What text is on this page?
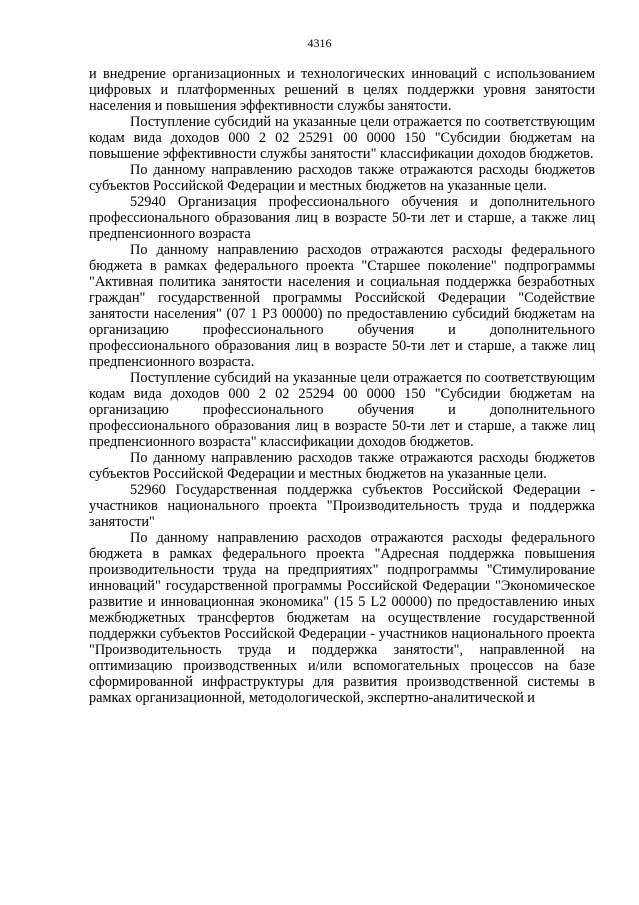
4316

и внедрение организационных и технологических инноваций с использованием цифровых и платформенных решений в целях поддержки уровня занятости населения и повышения эффективности службы занятости.

Поступление субсидий на указанные цели отражается по соответствующим кодам вида доходов 000 2 02 25291 00 0000 150 "Субсидии бюджетам на повышение эффективности службы занятости" классификации доходов бюджетов.

По данному направлению расходов также отражаются расходы бюджетов субъектов Российской Федерации и местных бюджетов на указанные цели.

52940 Организация профессионального обучения и дополнительного профессионального образования лиц в возрасте 50-ти лет и старше, а также лиц предпенсионного возраста

По данному направлению расходов отражаются расходы федерального бюджета в рамках федерального проекта "Старшее поколение" подпрограммы "Активная политика занятости населения и социальная поддержка безработных граждан" государственной программы Российской Федерации "Содействие занятости населения" (07 1 P3 00000) по предоставлению субсидий бюджетам на организацию профессионального обучения и дополнительного профессионального образования лиц в возрасте 50-ти лет и старше, а также лиц предпенсионного возраста.

Поступление субсидий на указанные цели отражается по соответствующим кодам вида доходов 000 2 02 25294 00 0000 150 "Субсидии бюджетам на организацию профессионального обучения и дополнительного профессионального образования лиц в возрасте 50-ти лет и старше, а также лиц предпенсионного возраста" классификации доходов бюджетов.

По данному направлению расходов также отражаются расходы бюджетов субъектов Российской Федерации и местных бюджетов на указанные цели.

52960 Государственная поддержка субъектов Российской Федерации - участников национального проекта "Производительность труда и поддержка занятости"

По данному направлению расходов отражаются расходы федерального бюджета в рамках федерального проекта "Адресная поддержка повышения производительности труда на предприятиях" подпрограммы "Стимулирование инноваций" государственной программы Российской Федерации "Экономическое развитие и инновационная экономика" (15 5 L2 00000) по предоставлению иных межбюджетных трансфертов бюджетам на осуществление государственной поддержки субъектов Российской Федерации - участников национального проекта "Производительность труда и поддержка занятости", направленной на оптимизацию производственных и/или вспомогательных процессов на базе сформированной инфраструктуры для развития производственной системы в рамках организационной, методологической, экспертно-аналитической и
